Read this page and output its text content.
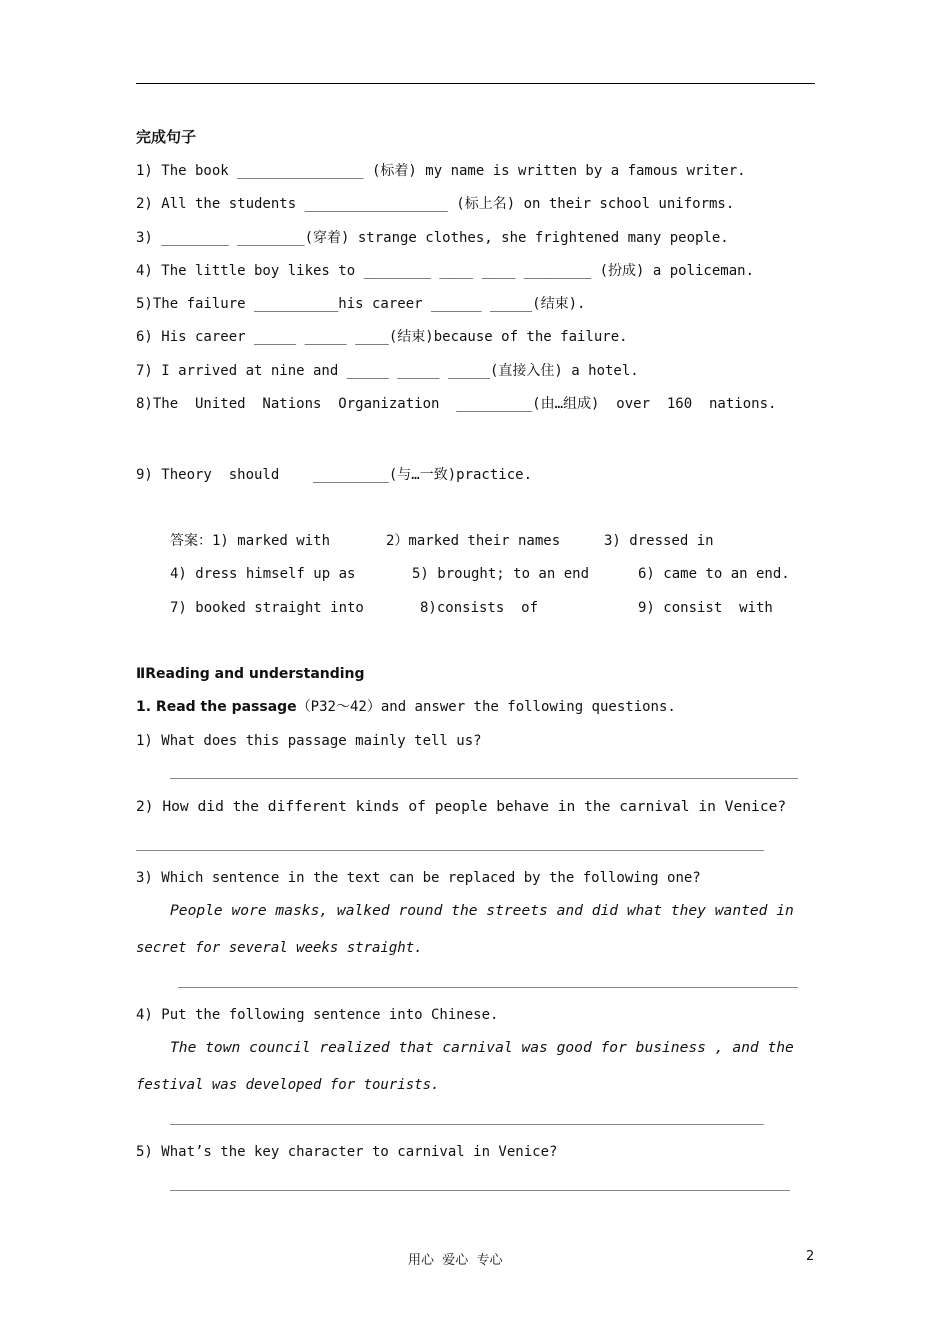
完成句子
1) The book _______________ (标着) my name is written by a famous writer.
2) All the students _________________ (标上名) on their school uniforms.
3) ________ ________(穿着) strange clothes, she frightened many people.
4) The little boy likes to ________ ____ ____ ________ (扮成) a policeman.
5)The failure __________his career ______ _____(结束).
6) His career _____ _____ ____(结束)because of the failure.
7) I arrived at nine and _____ _____ _____(直接入住) a hotel.
8)The  United  Nations  Organization  _________(由…组成)  over  160  nations.
9) Theory  should    _________(与…一致)practice.
答案：1) marked with	2）marked their names	3) dressed in
4) dress himself up as	5) brought; to an end	6) came to an end.
7) booked straight into	8)consists  of	9) consist  with
ⅡReading and understanding
1. Read the passage（P32～42）and answer the following questions.
1) What does this passage mainly tell us?
2) How did the different kinds of people behave in the carnival in Venice?
3) Which sentence in the text can be replaced by the following one?
People wore masks, walked round the streets and did what they wanted in
secret for several weeks straight.
4) Put the following sentence into Chinese.
The town council realized that carnival was good for business , and the
festival was developed for tourists.
5) What’s the key character to carnival in Venice?
用心  爱心  专心	2
